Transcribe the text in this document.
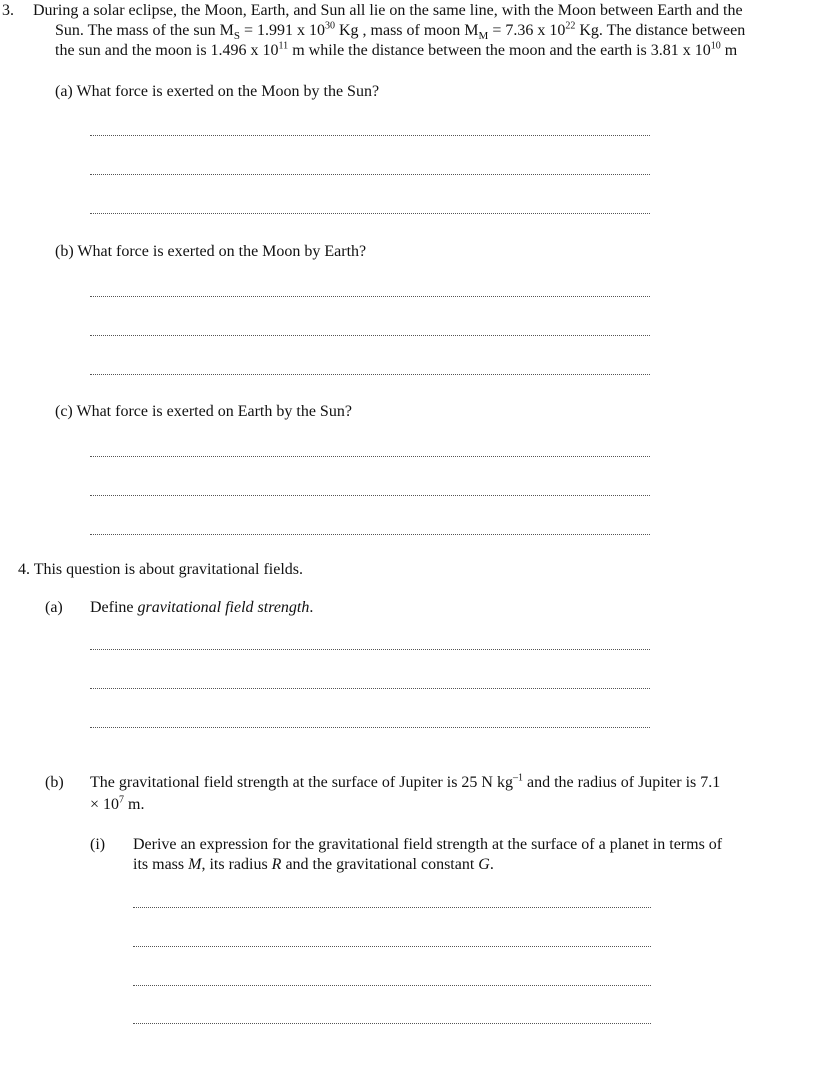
3. During a solar eclipse, the Moon, Earth, and Sun all lie on the same line, with the Moon between Earth and the
Sun. The mass of the sun $M_S = 1.991$ x $10^{30}$ Kg , mass of moon $M_M = 7.36$ x $10^{22}$ Kg. The distance between
the sun and the moon is 1.496 x $10^{11}$ m while the distance between the moon and the earth is 3.81 x $10^{10}$ m
(a) What force is exerted on the Moon by the Sun?
(b) What force is exerted on the Moon by Earth?
(c) What force is exerted on Earth by the Sun?
4. This question is about gravitational fields.
(a) Define gravitational field strength.
(b) The gravitational field strength at the surface of Jupiter is 25 N $kg^{-1}$ and the radius of Jupiter is 7.1
× $10^7$ m.
(i) Derive an expression for the gravitational field strength at the surface of a planet in terms of
its mass M, its radius R and the gravitational constant G.
